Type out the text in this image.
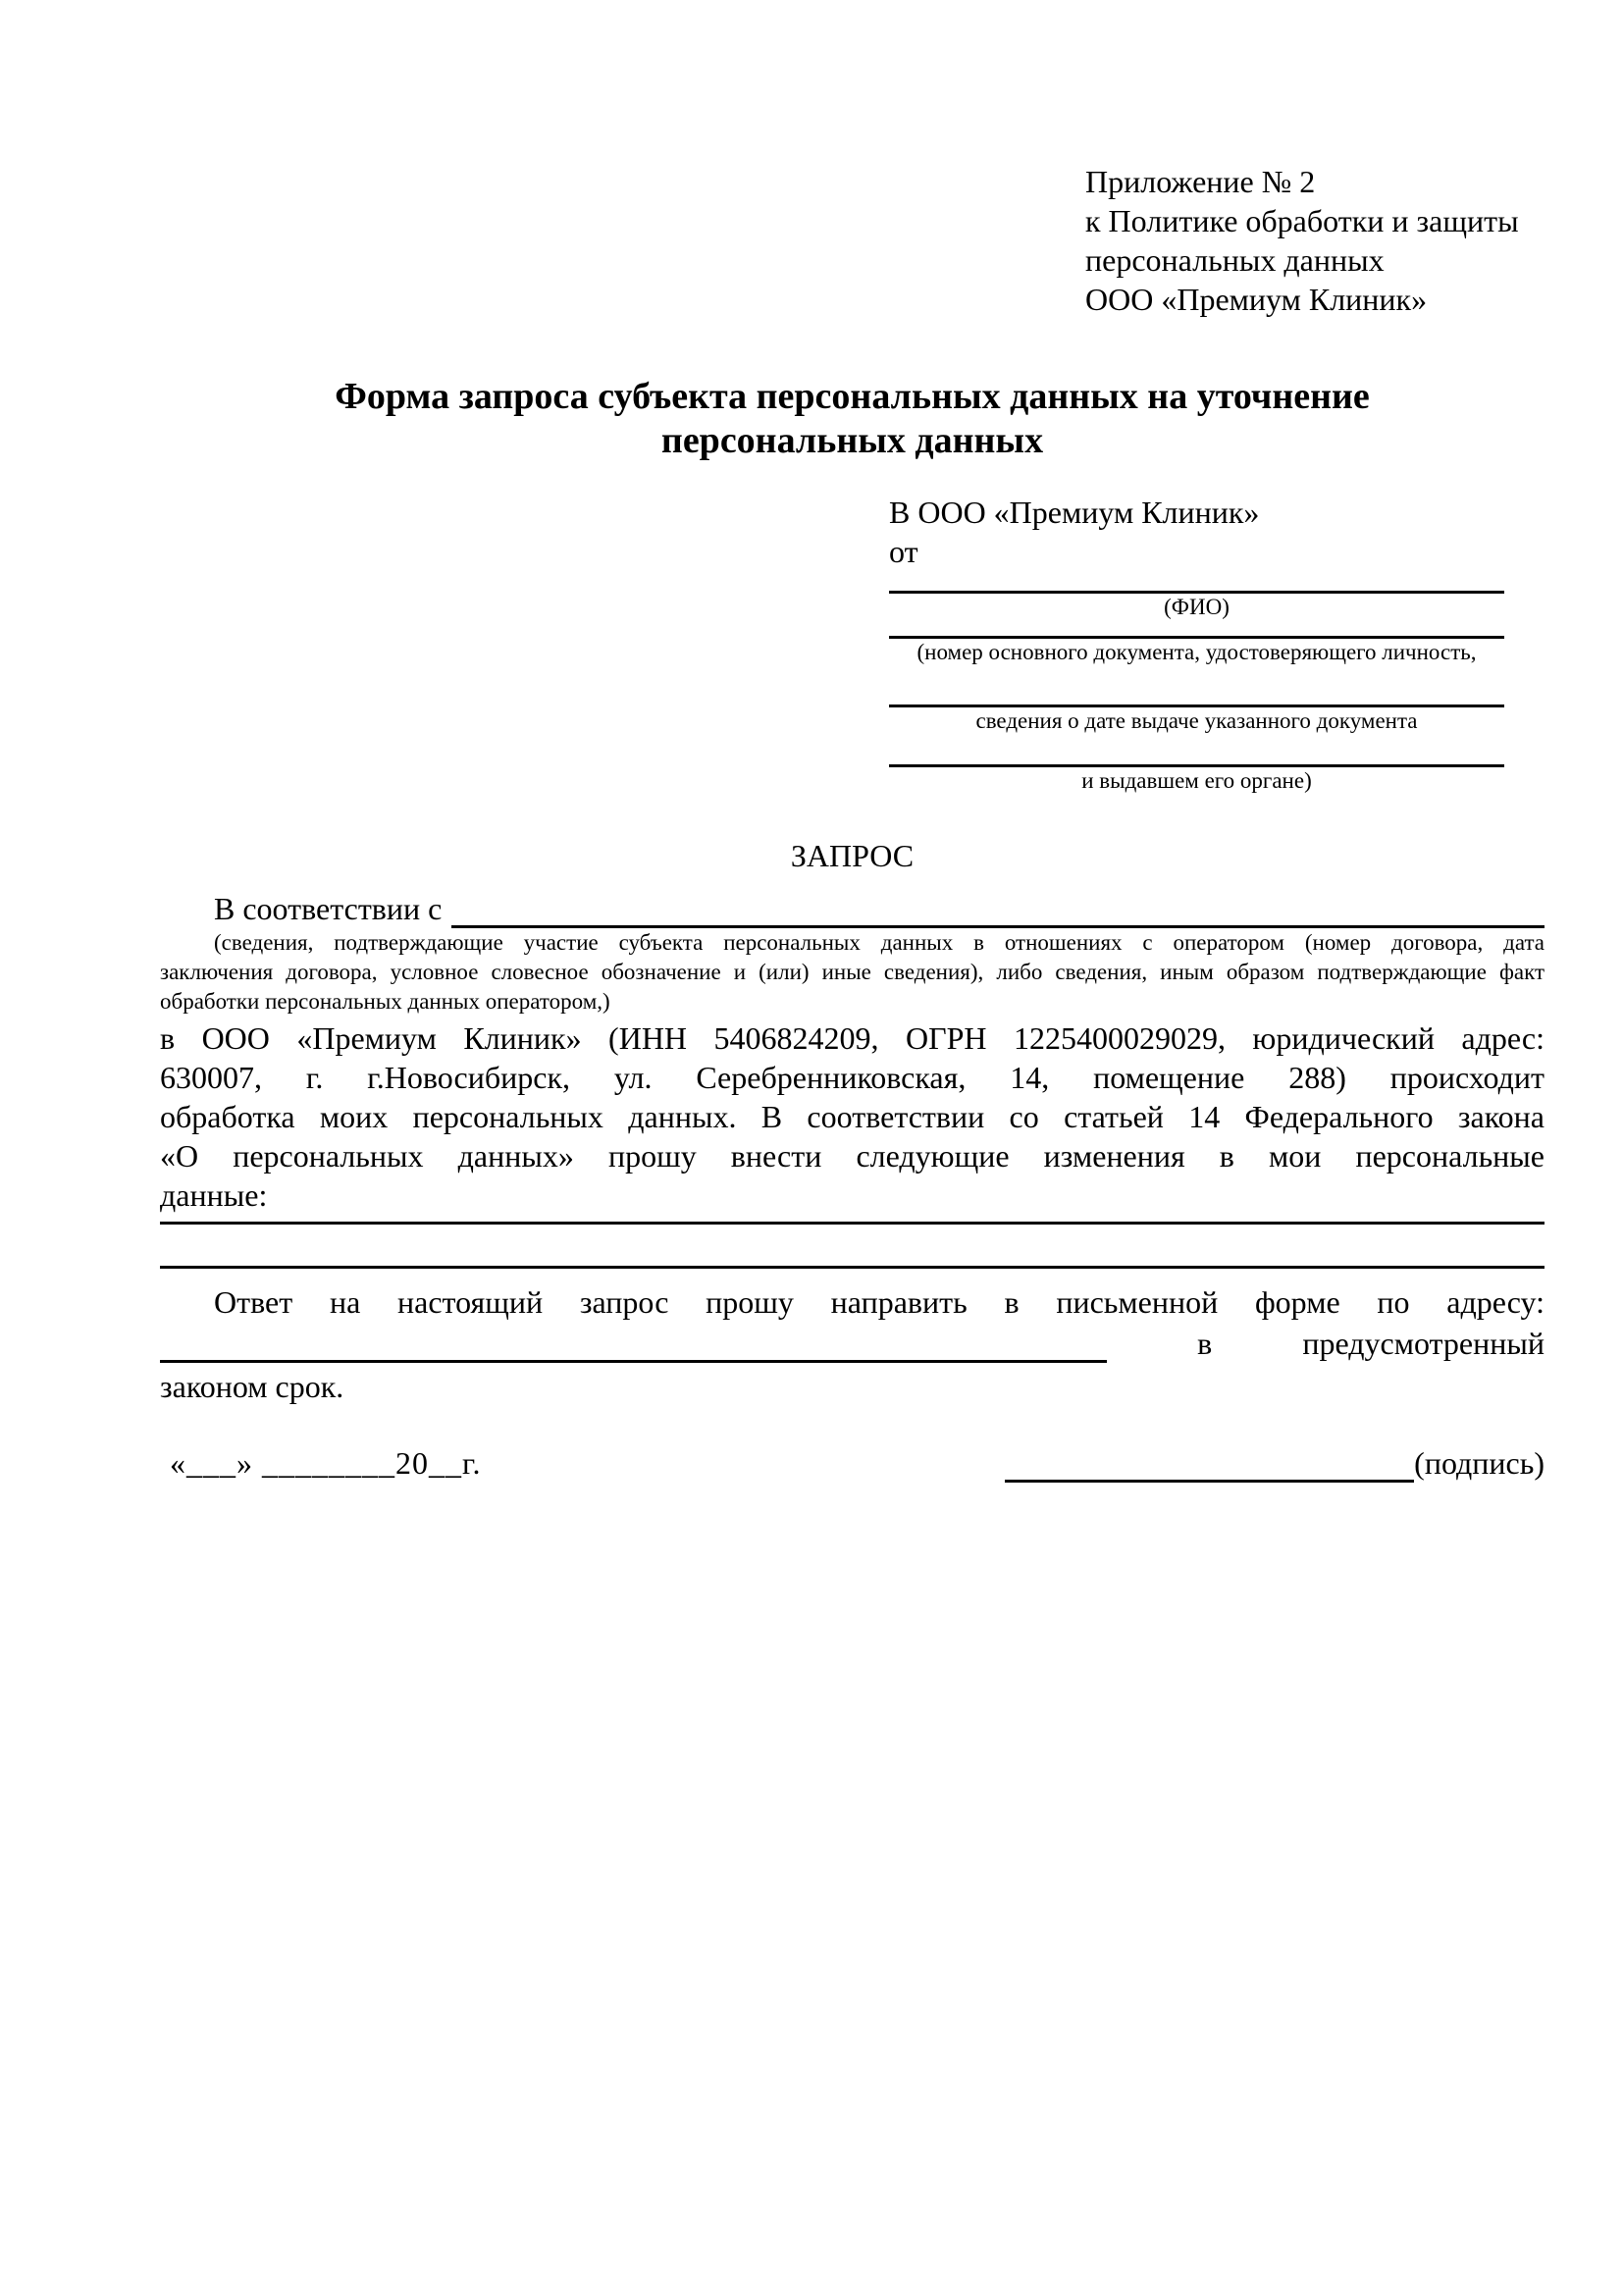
Приложение № 2
к Политике обработки и защиты
персональных данных
ООО «Премиум Клиник»
Форма запроса субъекта персональных данных на уточнение персональных данных
В ООО «Премиум Клиник»
от
(ФИО)
(номер основного документа, удостоверяющего личность,
сведения о дате выдаче указанного документа
и выдавшем его органе)
ЗАПРОС
В соответствии с
(сведения, подтверждающие участие субъекта персональных данных в отношениях с оператором (номер договора, дата
заключения договора, условное словесное обозначение и (или) иные сведения), либо сведения, иным образом подтверждающие факт
обработки персональных данных оператором,)
в ООО «Премиум Клиник» (ИНН 5406824209, ОГРН 1225400029029, юридический адрес:
630007, г. г.Новосибирск, ул. Серебренниковская, 14, помещение 288) происходит
обработка моих персональных данных. В соответствии со статьей 14 Федерального закона
«О персональных данных» прошу внести следующие изменения в мои персональные
данные:
Ответ на настоящий запрос прошу направить в письменной форме по адресу:
в	предусмотренный
законом срок.
«___» ________20__г.	(подпись)
